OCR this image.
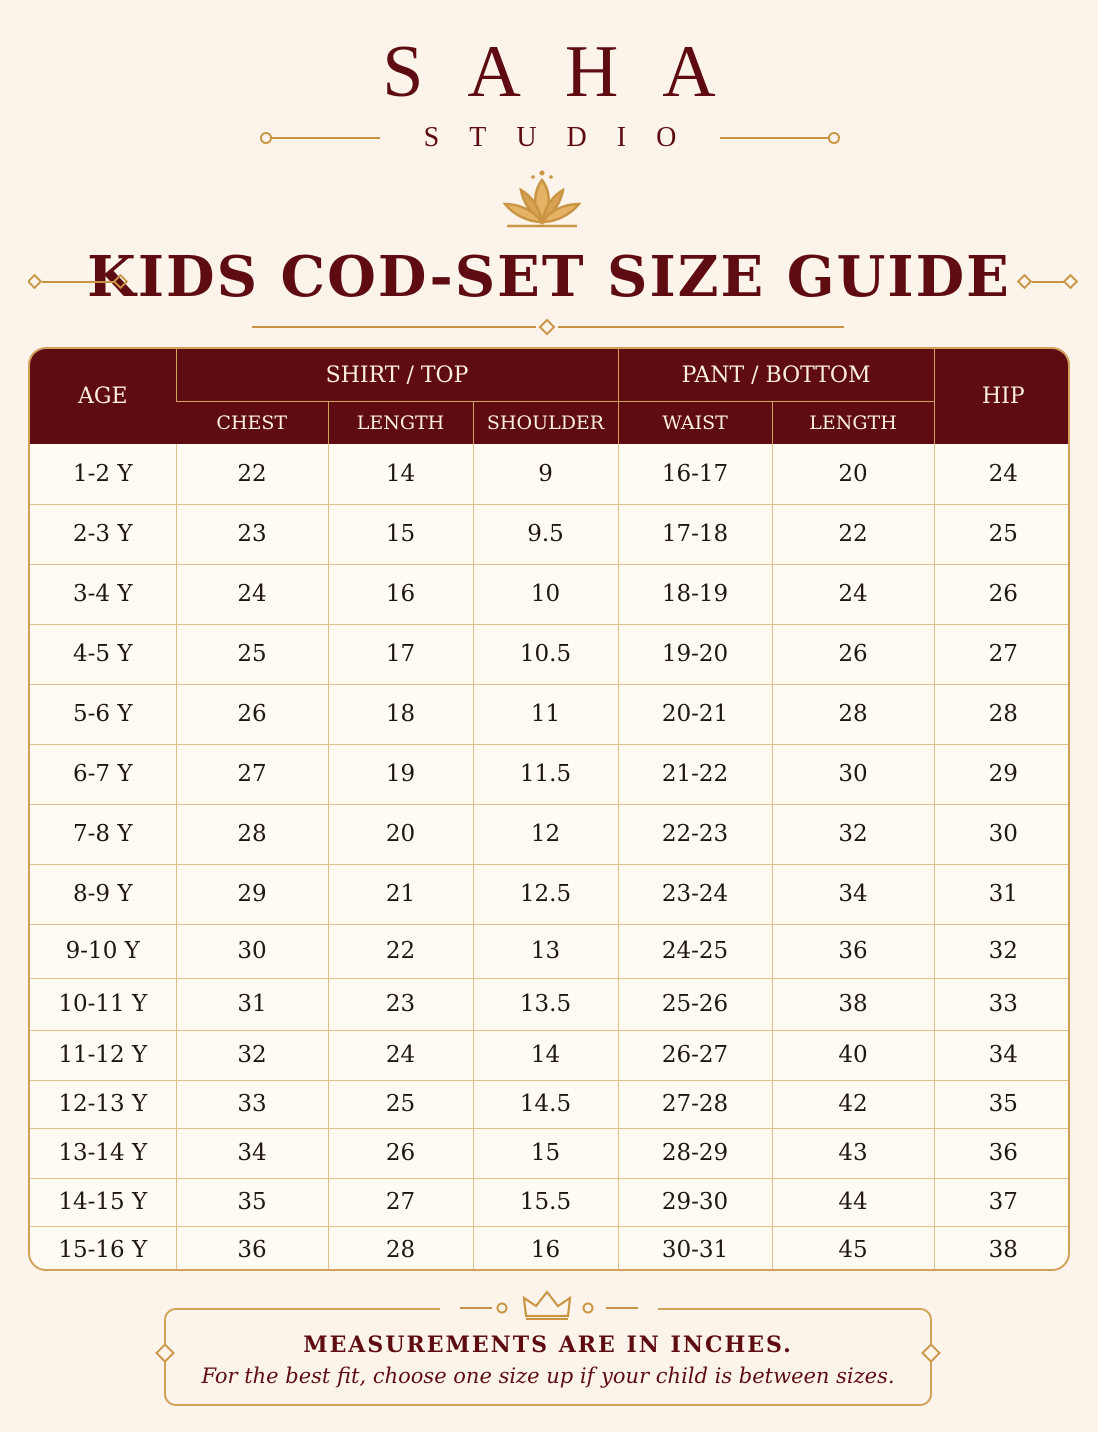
SAHA
STUDIO
KIDS COD-SET SIZE GUIDE
AGE	SHIRT / TOP			PANT / BOTTOM		HIP
	CHEST	LENGTH	SHOULDER	WAIST	LENGTH	
1-2 Y	22	14	9	16-17	20	24
2-3 Y	23	15	9.5	17-18	22	25
3-4 Y	24	16	10	18-19	24	26
4-5 Y	25	17	10.5	19-20	26	27
5-6 Y	26	18	11	20-21	28	28
6-7 Y	27	19	11.5	21-22	30	29
7-8 Y	28	20	12	22-23	32	30
8-9 Y	29	21	12.5	23-24	34	31
9-10 Y	30	22	13	24-25	36	32
10-11 Y	31	23	13.5	25-26	38	33
11-12 Y	32	24	14	26-27	40	34
12-13 Y	33	25	14.5	27-28	42	35
13-14 Y	34	26	15	28-29	43	36
14-15 Y	35	27	15.5	29-30	44	37
15-16 Y	36	28	16	30-31	45	38
MEASUREMENTS ARE IN INCHES.
For the best fit, choose one size up if your child is between sizes.
